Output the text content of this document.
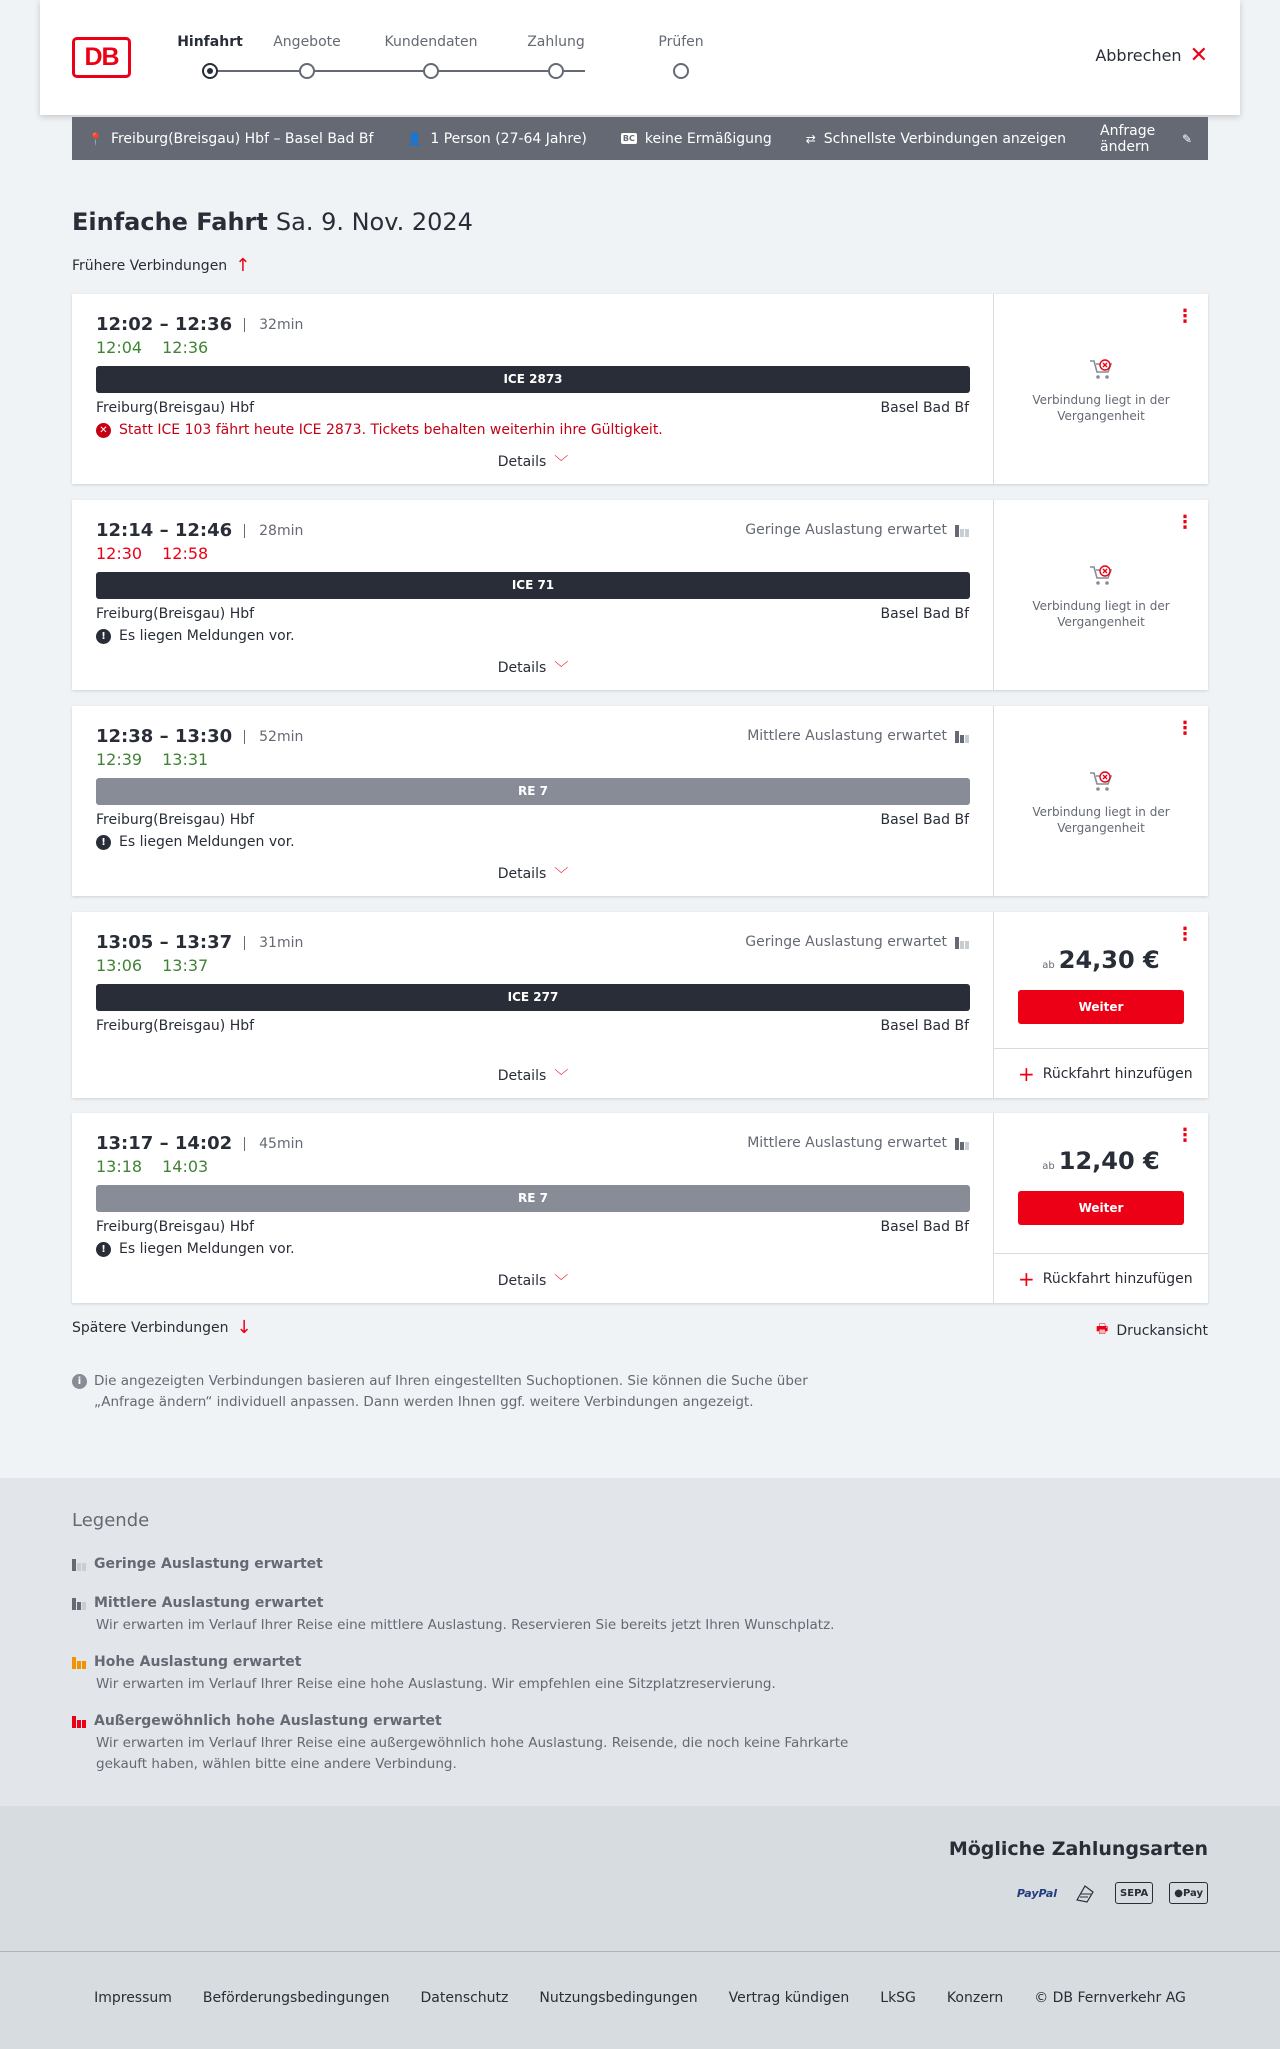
DB
Hinfahrt	Angebote	Kundendaten	Zahlung	Prüfen
Abbrechen ✕
📍 Freiburg(Breisgau) Hbf – Basel Bad Bf	👤 1 Person (27-64 Jahre)	BC keine Ermäßigung	⇄ Schnellste Verbindungen anzeigen Anfrage ändern	✎
Einfache Fahrt Sa. 9. Nov. 2024
Frühere Verbindungen ↑
12:02 – 12:36	32min
12:04 12:36
ICE 2873
Freiburg(Breisgau) Hbf	Basel Bad Bf
✕ Statt ICE 103 fährt heute ICE 2873. Tickets behalten weiterhin ihre Gültigkeit.
Details ﹀
⋮
Verbindung liegt in der Vergangenheit
12:14 – 12:46	28min	Geringe Auslastung erwartet
12:30 12:58
ICE 71
Freiburg(Breisgau) Hbf	Basel Bad Bf
! Es liegen Meldungen vor.
Details ﹀
⋮
Verbindung liegt in der Vergangenheit
12:38 – 13:30	52min	Mittlere Auslastung erwartet
12:39 13:31
RE 7
Freiburg(Breisgau) Hbf	Basel Bad Bf
! Es liegen Meldungen vor.
Details ﹀
⋮
Verbindung liegt in der Vergangenheit
13:05 – 13:37	31min	Geringe Auslastung erwartet
13:06 13:37
ICE 277
Freiburg(Breisgau) Hbf	Basel Bad Bf
Details ﹀
⋮
ab 24,30 €
Weiter
+ Rückfahrt hinzufügen
13:17 – 14:02	45min	Mittlere Auslastung erwartet
13:18 14:03
RE 7
Freiburg(Breisgau) Hbf	Basel Bad Bf
! Es liegen Meldungen vor.
Details ﹀
⋮
ab 12,40 €
Weiter
+ Rückfahrt hinzufügen
Spätere Verbindungen ↓	🖶 Druckansicht
i Die angezeigten Verbindungen basieren auf Ihren eingestellten Suchoptionen. Sie können die Suche über „Anfrage ändern“ individuell anpassen. Dann werden Ihnen ggf. weitere Verbindungen angezeigt.
Legende
Geringe Auslastung erwartet
Mittlere Auslastung erwartet
Wir erwarten im Verlauf Ihrer Reise eine mittlere Auslastung. Reservieren Sie bereits jetzt Ihren Wunschplatz.
Hohe Auslastung erwartet
Wir erwarten im Verlauf Ihrer Reise eine hohe Auslastung. Wir empfehlen eine Sitzplatzreservierung.
Außergewöhnlich hohe Auslastung erwartet
Wir erwarten im Verlauf Ihrer Reise eine außergewöhnlich hohe Auslastung. Reisende, die noch keine Fahrkarte gekauft haben, wählen bitte eine andere Verbindung.
Mögliche Zahlungsarten
PayPal	SEPA	● Pay
Impressum Beförderungsbedingungen Datenschutz Nutzungsbedingungen Vertrag kündigen LkSG Konzern © DB Fernverkehr AG
